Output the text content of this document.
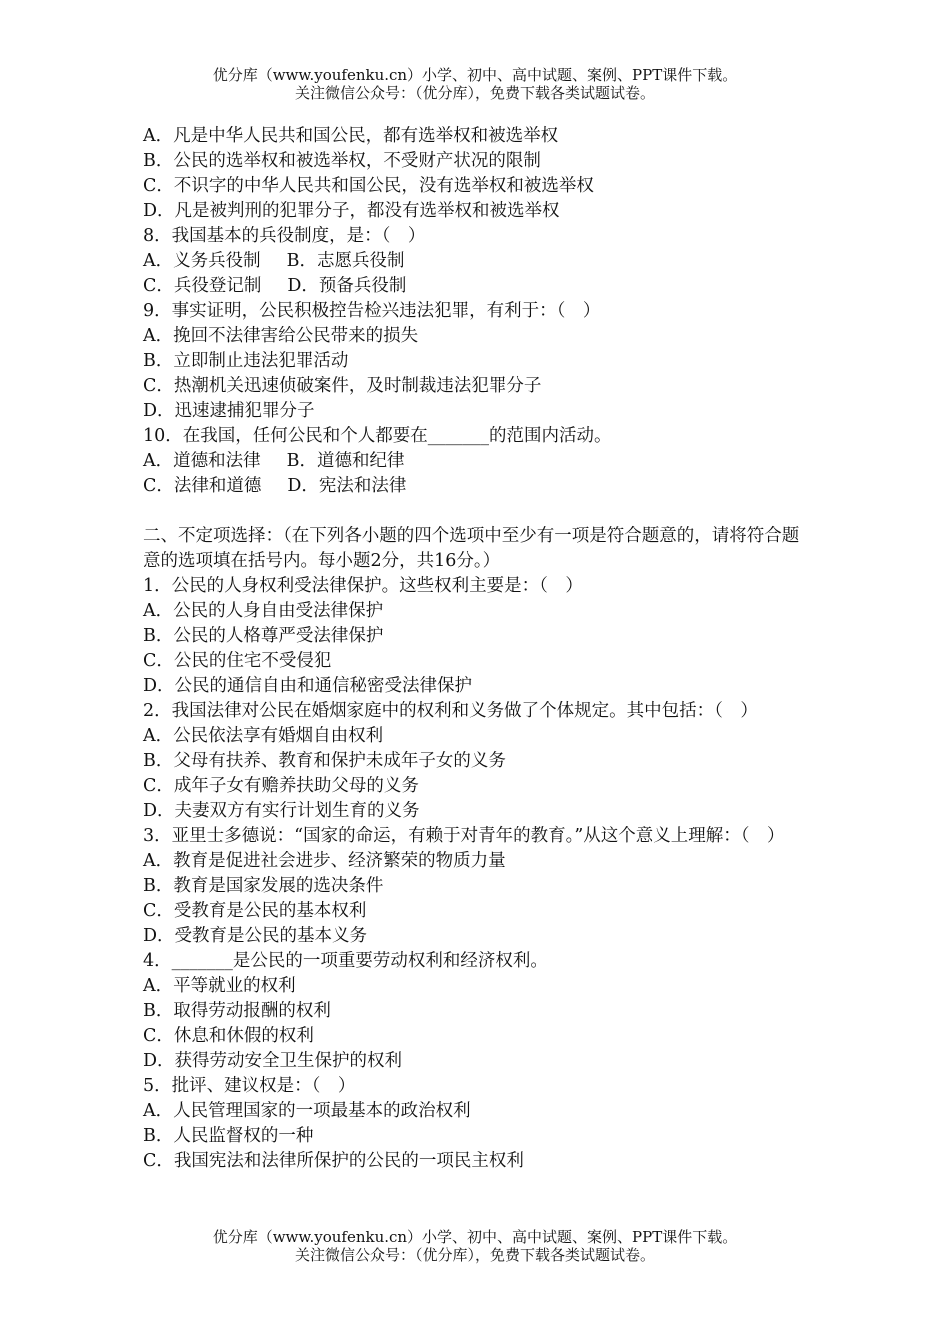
优分库（www.youfenku.cn）小学、初中、高中试题、案例、PPT课件下载。
关注微信公众号：（优分库），免费下载各类试题试卷。
A．凡是中华人民共和国公民，都有选举权和被选举权
B．公民的选举权和被选举权，不受财产状况的限制
C．不识字的中华人民共和国公民，没有选举权和被选举权
D．凡是被判刑的犯罪分子，都没有选举权和被选举权
8．我国基本的兵役制度，是：（　）
A．义务兵役制 B．志愿兵役制
C．兵役登记制 D．预备兵役制
9．事实证明，公民积极控告检兴违法犯罪，有利于：（　）
A．挽回不法律害给公民带来的损失
B．立即制止违法犯罪活动
C．热潮机关迅速侦破案件，及时制裁违法犯罪分子
D．迅速逮捕犯罪分子
10．在我国，任何公民和个人都要在_______的范围内活动。
A．道德和法律 B．道德和纪律
C．法律和道德 D．宪法和法律
二、不定项选择：（在下列各小题的四个选项中至少有一项是符合题意的，请将符合题意的选项填在括号内。每小题2分，共16分。）
1．公民的人身权利受法律保护。这些权利主要是：（　）
A．公民的人身自由受法律保护
B．公民的人格尊严受法律保护
C．公民的住宅不受侵犯
D．公民的通信自由和通信秘密受法律保护
2．我国法律对公民在婚烟家庭中的权利和义务做了个体规定。其中包括：（　）
A．公民依法享有婚烟自由权利
B．父母有扶养、教育和保护未成年子女的义务
C．成年子女有赡养扶助父母的义务
D．夫妻双方有实行计划生育的义务
3．亚里士多德说：“国家的命运，有赖于对青年的教育。”从这个意义上理解：（　）
A．教育是促进社会进步、经济繁荣的物质力量
B．教育是国家发展的选决条件
C．受教育是公民的基本权利
D．受教育是公民的基本义务
4．_______是公民的一项重要劳动权利和经济权利。
A．平等就业的权利
B．取得劳动报酬的权利
C．休息和休假的权利
D．获得劳动安全卫生保护的权利
5．批评、建议权是：（　）
A．人民管理国家的一项最基本的政治权利
B．人民监督权的一种
C．我国宪法和法律所保护的公民的一项民主权利
优分库（www.youfenku.cn）小学、初中、高中试题、案例、PPT课件下载。
关注微信公众号：（优分库），免费下载各类试题试卷。
